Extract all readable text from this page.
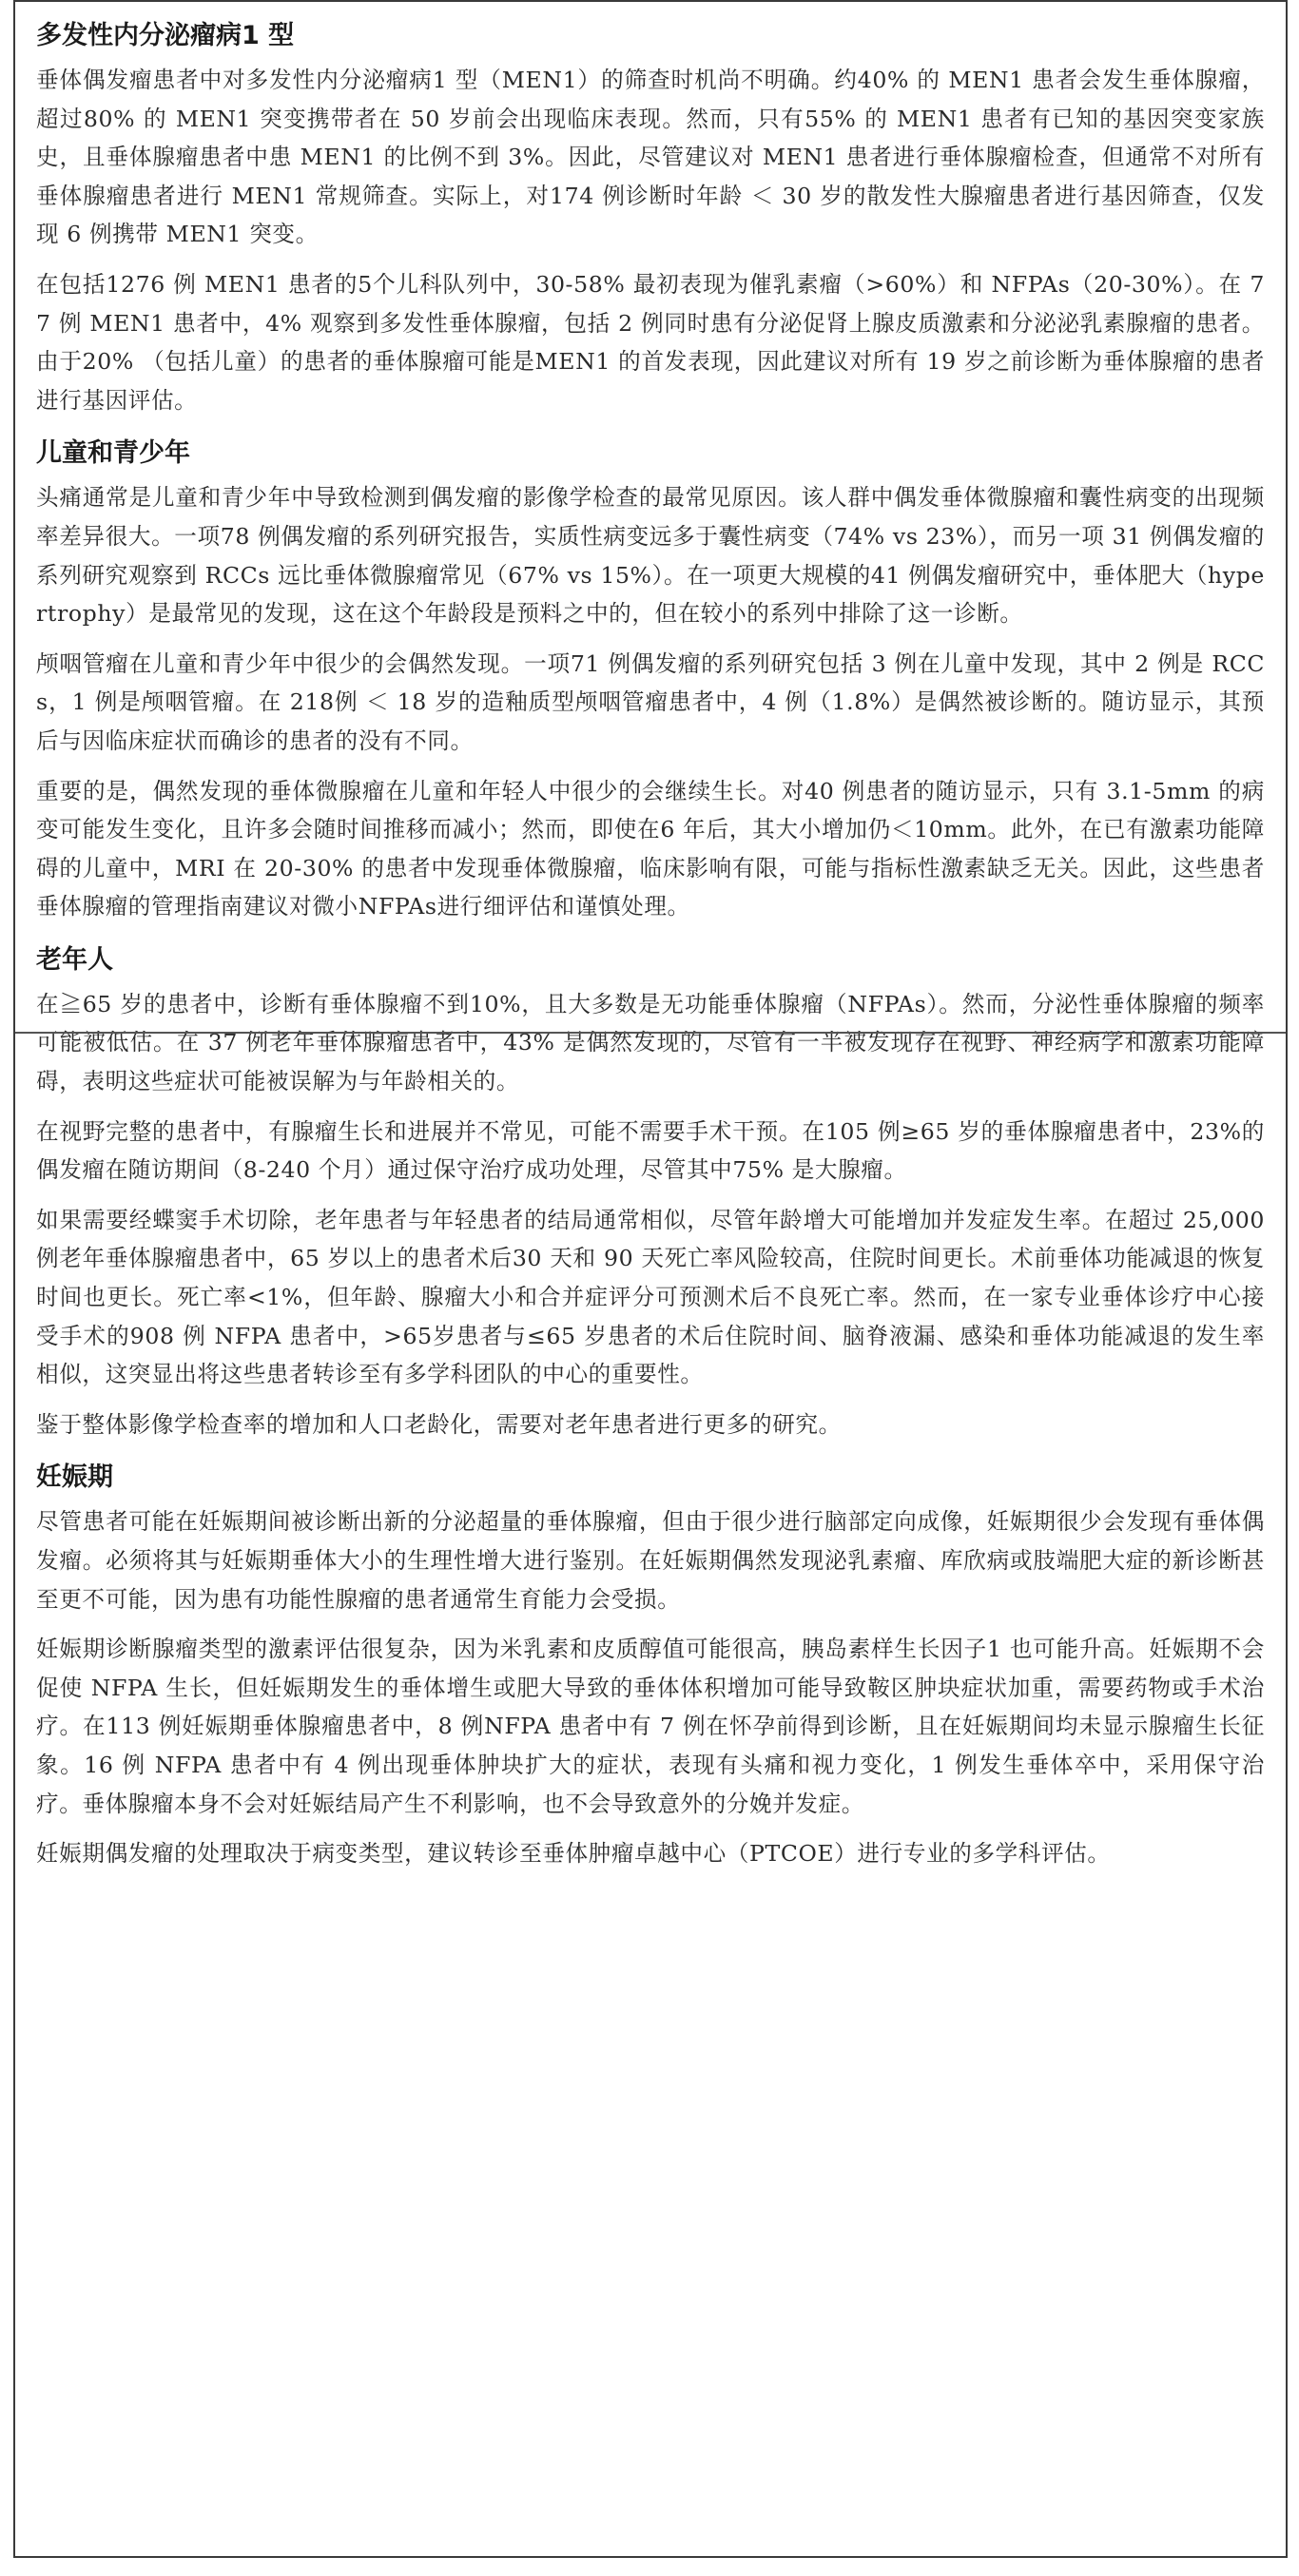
多发性内分泌瘤病1 型

垂体偶发瘤患者中对多发性内分泌瘤病1 型（MEN1）的筛查时机尚不明确。约40% 的 MEN1 患者会发生垂体腺瘤，超过80% 的 MEN1 突变携带者在 50 岁前会出现临床表现。然而，只有55% 的 MEN1 患者有已知的基因突变家族史，且垂体腺瘤患者中患 MEN1 的比例不到 3%。因此，尽管建议对 MEN1 患者进行垂体腺瘤检查，但通常不对所有垂体腺瘤患者进行 MEN1 常规筛查。实际上，对174 例诊断时年龄 ＜ 30 岁的散发性大腺瘤患者进行基因筛查，仅发现 6 例携带 MEN1 突变。

在包括1276 例 MEN1 患者的5个儿科队列中，30-58% 最初表现为催乳素瘤（>60%）和 NFPAs（20-30%）。在 77 例 MEN1 患者中，4% 观察到多发性垂体腺瘤，包括 2 例同时患有分泌促肾上腺皮质激素和分泌泌乳素腺瘤的患者。由于20% （包括儿童）的患者的垂体腺瘤可能是MEN1 的首发表现，因此建议对所有 19 岁之前诊断为垂体腺瘤的患者进行基因评估。

儿童和青少年

头痛通常是儿童和青少年中导致检测到偶发瘤的影像学检查的最常见原因。该人群中偶发垂体微腺瘤和囊性病变的出现频率差异很大。一项78 例偶发瘤的系列研究报告，实质性病变远多于囊性病变（74% vs 23%），而另一项 31 例偶发瘤的系列研究观察到 RCCs 远比垂体微腺瘤常见（67% vs 15%）。在一项更大规模的41 例偶发瘤研究中，垂体肥大（hypertrophy）是最常见的发现，这在这个年龄段是预料之中的，但在较小的系列中排除了这一诊断。

颅咽管瘤在儿童和青少年中很少的会偶然发现。一项71 例偶发瘤的系列研究包括 3 例在儿童中发现，其中 2 例是 RCCs，1 例是颅咽管瘤。在 218例 ＜ 18 岁的造釉质型颅咽管瘤患者中，4 例（1.8%）是偶然被诊断的。随访显示，其预后与因临床症状而确诊的患者的没有不同。

重要的是，偶然发现的垂体微腺瘤在儿童和年轻人中很少的会继续生长。对40 例患者的随访显示，只有 3.1-5mm 的病变可能发生变化，且许多会随时间推移而减小；然而，即使在6 年后，其大小增加仍＜10mm。此外，在已有激素功能障碍的儿童中，MRI 在 20-30% 的患者中发现垂体微腺瘤，临床影响有限，可能与指标性激素缺乏无关。因此，这些患者垂体腺瘤的管理指南建议对微小NFPAs进行细评估和谨慎处理。

老年人

在≧65 岁的患者中，诊断有垂体腺瘤不到10%，且大多数是无功能垂体腺瘤（NFPAs）。然而，分泌性垂体腺瘤的频率可能被低估。在 37 例老年垂体腺瘤患者中，43% 是偶然发现的，尽管有一半被发现存在视野、神经病学和激素功能障碍，表明这些症状可能被误解为与年龄相关的。

在视野完整的患者中，有腺瘤生长和进展并不常见，可能不需要手术干预。在105 例≥65 岁的垂体腺瘤患者中，23%的偶发瘤在随访期间（8-240 个月）通过保守治疗成功处理，尽管其中75% 是大腺瘤。

如果需要经蝶窦手术切除，老年患者与年轻患者的结局通常相似，尽管年龄增大可能增加并发症发生率。在超过 25,000 例老年垂体腺瘤患者中，65 岁以上的患者术后30 天和 90 天死亡率风险较高，住院时间更长。术前垂体功能减退的恢复时间也更长。死亡率<1%，但年龄、腺瘤大小和合并症评分可预测术后不良死亡率。然而，在一家专业垂体诊疗中心接受手术的908 例 NFPA 患者中，>65岁患者与≤65 岁患者的术后住院时间、脑脊液漏、感染和垂体功能减退的发生率相似，这突显出将这些患者转诊至有多学科团队的中心的重要性。

鉴于整体影像学检查率的增加和人口老龄化，需要对老年患者进行更多的研究。

妊娠期

尽管患者可能在妊娠期间被诊断出新的分泌超量的垂体腺瘤，但由于很少进行脑部定向成像，妊娠期很少会发现有垂体偶发瘤。必须将其与妊娠期垂体大小的生理性增大进行鉴别。在妊娠期偶然发现泌乳素瘤、库欣病或肢端肥大症的新诊断甚至更不可能，因为患有功能性腺瘤的患者通常生育能力会受损。

妊娠期诊断腺瘤类型的激素评估很复杂，因为米乳素和皮质醇值可能很高，胰岛素样生长因子1 也可能升高。妊娠期不会促使 NFPA 生长，但妊娠期发生的垂体增生或肥大导致的垂体体积增加可能导致鞍区肿块症状加重，需要药物或手术治疗。在113 例妊娠期垂体腺瘤患者中，8 例NFPA 患者中有 7 例在怀孕前得到诊断，且在妊娠期间均未显示腺瘤生长征象。16 例 NFPA 患者中有 4 例出现垂体肿块扩大的症状，表现有头痛和视力变化，1 例发生垂体卒中，采用保守治疗。垂体腺瘤本身不会对妊娠结局产生不利影响，也不会导致意外的分娩并发症。

妊娠期偶发瘤的处理取决于病变类型，建议转诊至垂体肿瘤卓越中心（PTCOE）进行专业的多学科评估。
